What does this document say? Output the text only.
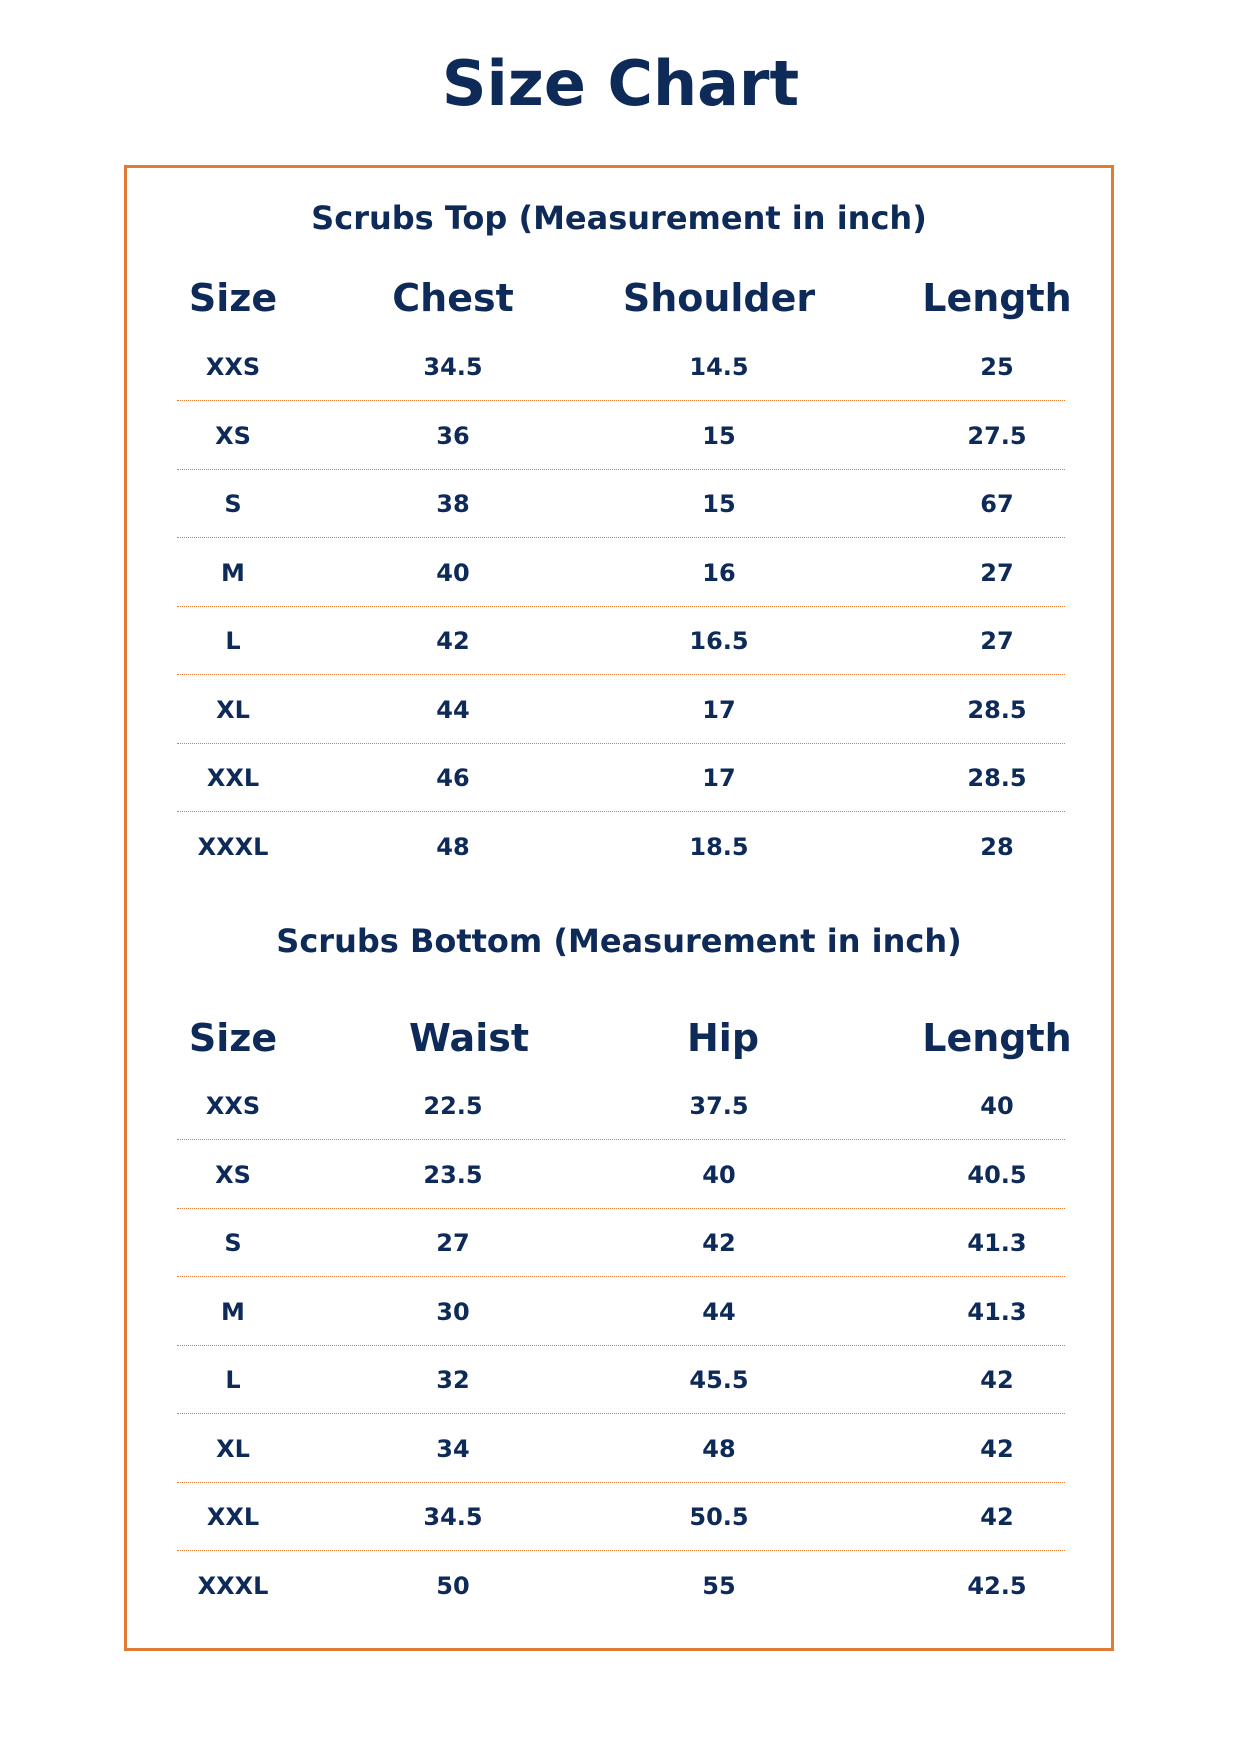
Size Chart
Scrubs Top (Measurement in inch)
Size	Chest	Shoulder	Length
XXS	34.5	14.5	25
XS	36	15	27.5
S	38	15	67
M	40	16	27
L	42	16.5	27
XL	44	17	28.5
XXL	46	17	28.5
XXXL	48	18.5	28
Scrubs Bottom (Measurement in inch)
Size	Waist	Hip	Length
XXS	22.5	37.5	40
XS	23.5	40	40.5
S	27	42	41.3
M	30	44	41.3
L	32	45.5	42
XL	34	48	42
XXL	34.5	50.5	42
XXXL	50	55	42.5
